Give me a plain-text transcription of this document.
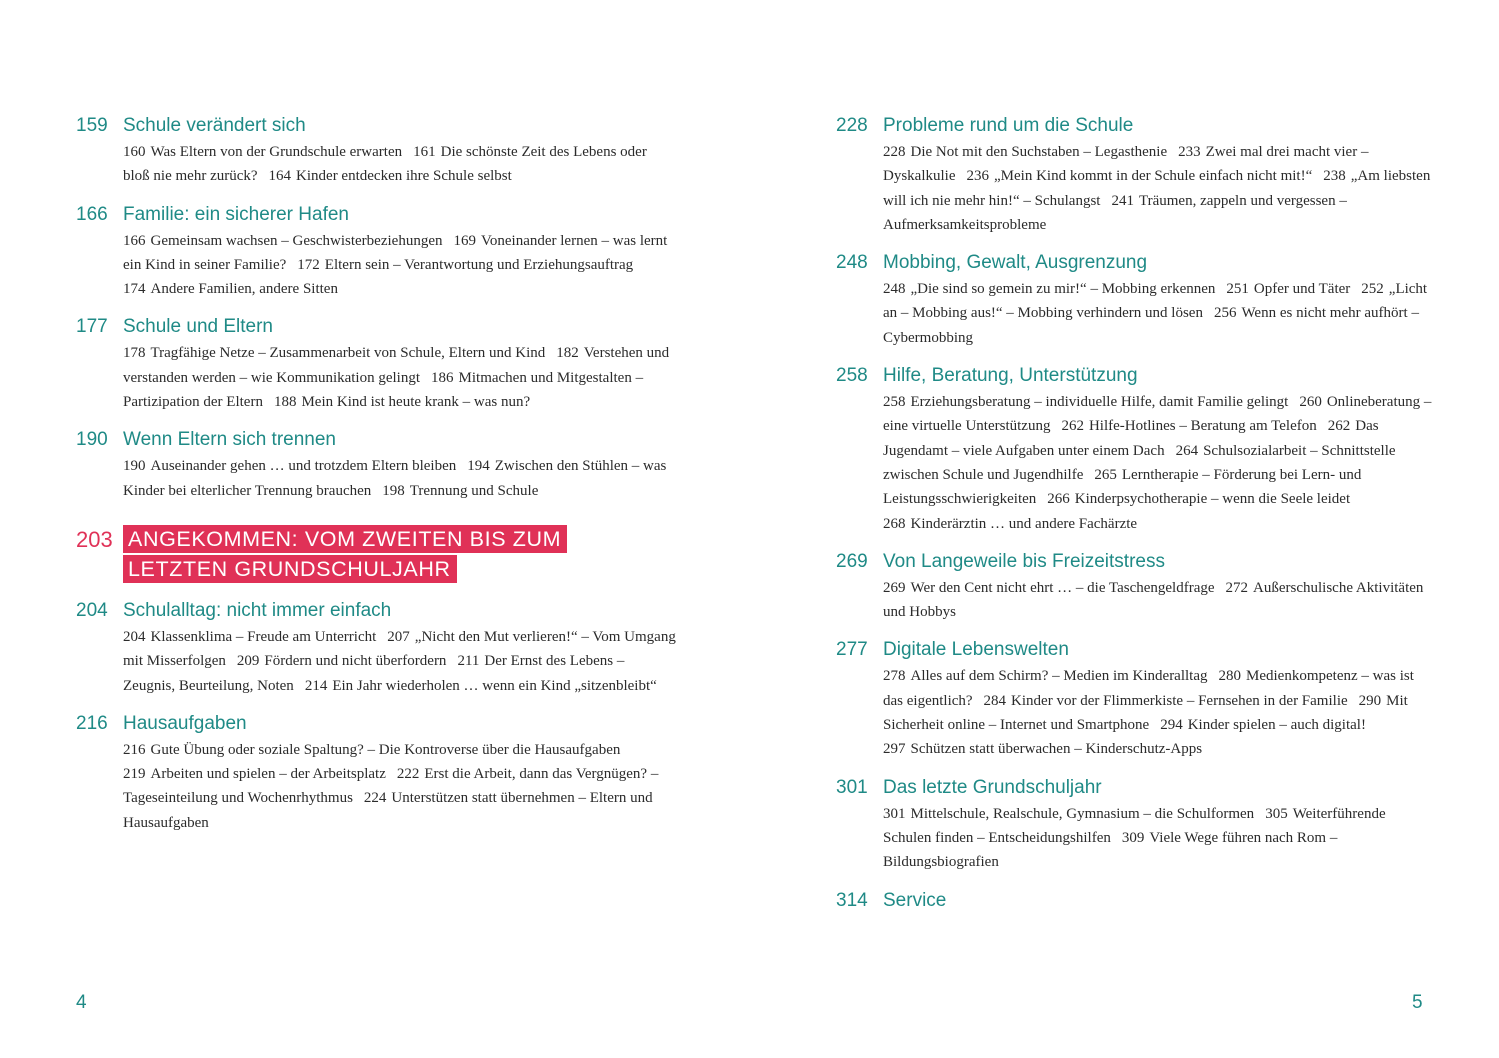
159 Schule verändert sich
160 Was Eltern von der Grundschule erwarten 161 Die schönste Zeit des Lebens oder bloß nie mehr zurück? 164 Kinder entdecken ihre Schule selbst
166 Familie: ein sicherer Hafen
166 Gemeinsam wachsen – Geschwisterbeziehungen 169 Voneinander lernen – was lernt ein Kind in seiner Familie? 172 Eltern sein – Verantwortung und Erziehungsauftrag174 Andere Familien, andere Sitten
177 Schule und Eltern
178 Tragfähige Netze – Zusammenarbeit von Schule, Eltern und Kind 182 Verstehen und verstanden werden – wie Kommunikation gelingt 186 Mitmachen und Mitgestalten – Partizipation der Eltern 188 Mein Kind ist heute krank – was nun?
190 Wenn Eltern sich trennen
190 Auseinander gehen … und trotzdem Eltern bleiben 194 Zwischen den Stühlen – was Kinder bei elterlicher Trennung brauchen 198 Trennung und Schule
203 ANGEKOMMEN: VOM ZWEITEN BIS ZUM
LETZTEN GRUNDSCHULJAHR
204 Schulalltag: nicht immer einfach
204 Klassenklima – Freude am Unterricht 207 „Nicht den Mut verlieren!“ – Vom Umgang mit Misserfolgen 209 Fördern und nicht überfordern 211 Der Ernst des Lebens – Zeugnis, Beurteilung, Noten 214 Ein Jahr wiederholen … wenn ein Kind „sitzenbleibt“
216 Hausaufgaben
216 Gute Übung oder soziale Spaltung? – Die Kontroverse über die Hausaufgaben219 Arbeiten und spielen – der Arbeitsplatz 222 Erst die Arbeit, dann das Vergnügen? – Tageseinteilung und Wochenrhythmus 224 Unterstützen statt übernehmen – Eltern und Hausaufgaben
4
228 Probleme rund um die Schule
228 Die Not mit den Suchstaben – Legasthenie 233 Zwei mal drei macht vier – Dyskalkulie 236 „Mein Kind kommt in der Schule einfach nicht mit!“ 238 „Am liebsten will ich nie mehr hin!“ – Schulangst 241 Träumen, zappeln und vergessen – Aufmerksamkeitsprobleme
248 Mobbing, Gewalt, Ausgrenzung
248 „Die sind so gemein zu mir!“ – Mobbing erkennen 251 Opfer und Täter 252 „Licht an – Mobbing aus!“ – Mobbing verhindern und lösen 256 Wenn es nicht mehr aufhört – Cybermobbing
258 Hilfe, Beratung, Unterstützung
258 Erziehungsberatung – individuelle Hilfe, damit Familie gelingt 260 Onlineberatung – eine virtuelle Unterstützung 262 Hilfe-Hotlines – Beratung am Telefon 262 Das Jugendamt – viele Aufgaben unter einem Dach 264 Schulsozialarbeit – Schnittstelle zwischen Schule und Jugendhilfe 265 Lerntherapie – Förderung bei Lern- und Leistungsschwierigkeiten 266 Kinderpsychotherapie – wenn die Seele leidet268 Kinderärztin … und andere Fachärzte
269 Von Langeweile bis Freizeitstress
269 Wer den Cent nicht ehrt … – die Taschengeldfrage 272 Außerschulische Aktivitäten und Hobbys
277 Digitale Lebenswelten
278 Alles auf dem Schirm? – Medien im Kinderalltag 280 Medienkompetenz – was ist das eigentlich? 284 Kinder vor der Flimmerkiste – Fernsehen in der Familie 290 Mit Sicherheit online – Internet und Smartphone 294 Kinder spielen – auch digital!297 Schützen statt überwachen – Kinderschutz-Apps
301 Das letzte Grundschuljahr
301 Mittelschule, Realschule, Gymnasium – die Schulformen 305 Weiterführende Schulen finden – Entscheidungshilfen 309 Viele Wege führen nach Rom – Bildungsbiografien
314 Service
5
